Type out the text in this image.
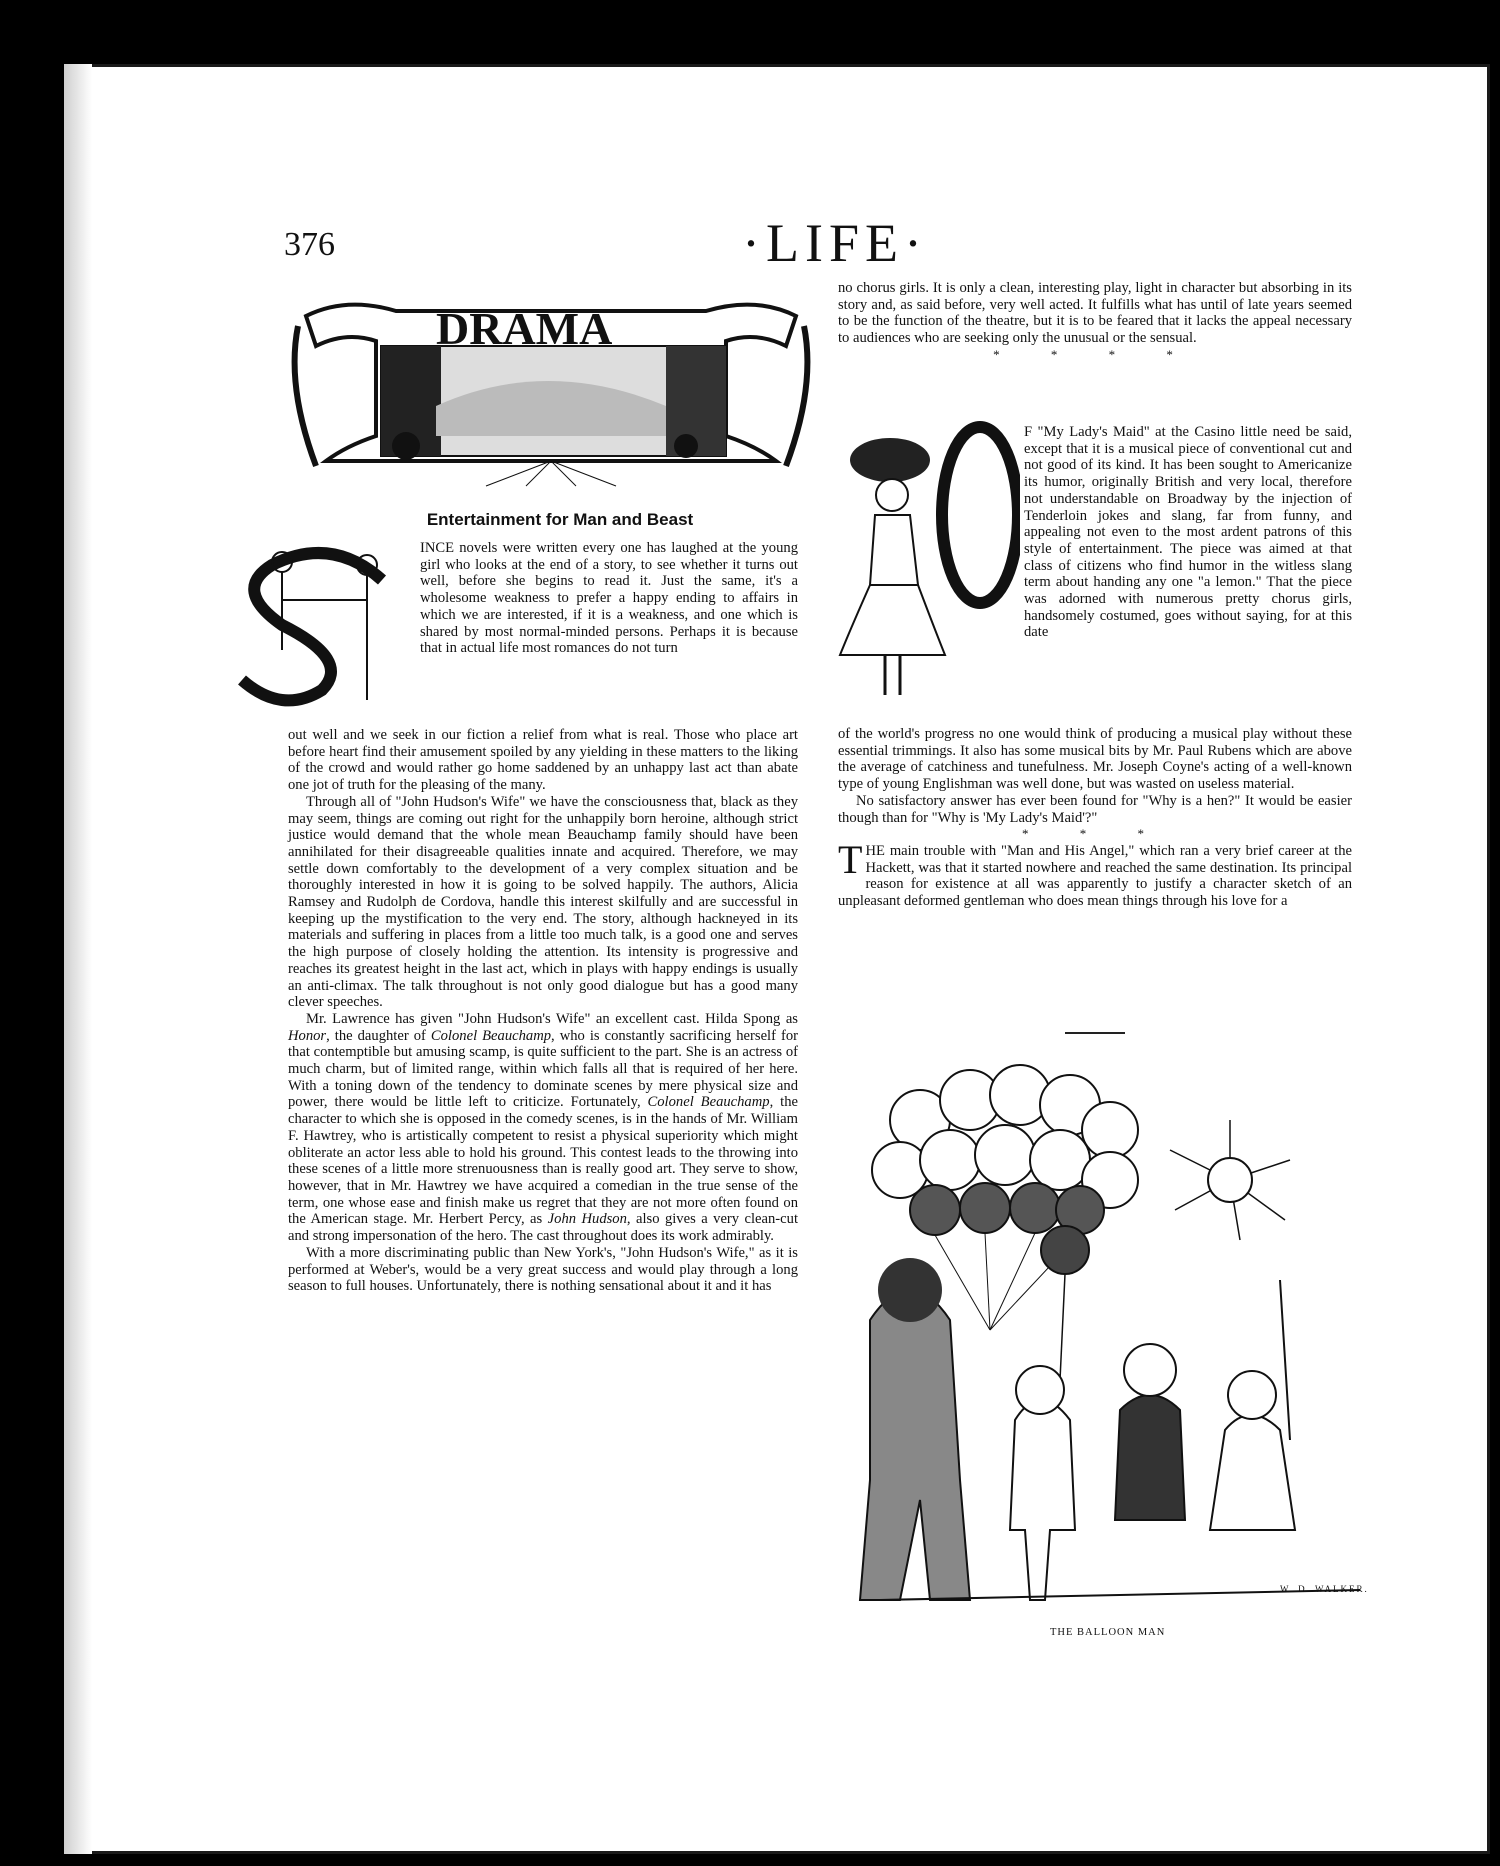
376	·LIFE·
DRAMA
Entertainment for Man and Beast
S	INCE novels were written every one has laughed at the young girl who looks at the end of a story, to see whether it turns out well, before she begins to read it. Just the same, it's a wholesome weakness to prefer a happy ending to affairs in which we are interested, if it is a weakness, and one which is shared by most normal-minded persons. Perhaps it is because that in actual life most romances do not turn

out well and we seek in our fiction a relief from what is real. Those who place art before heart find their amusement spoiled by any yielding in these matters to the liking of the crowd and would rather go home saddened by an unhappy last act than abate one jot of truth for the pleasing of the many.

Through all of "John Hudson's Wife" we have the consciousness that, black as they may seem, things are coming out right for the unhappily born heroine, although strict justice would demand that the whole mean Beauchamp family should have been annihilated for their disagreeable qualities innate and acquired. Therefore, we may settle down comfortably to the development of a very complex situation and be thoroughly interested in how it is going to be solved happily. The authors, Alicia Ramsey and Rudolph de Cordova, handle this interest skilfully and are successful in keeping up the mystification to the very end. The story, although hackneyed in its materials and suffering in places from a little too much talk, is a good one and serves the high purpose of closely holding the attention. Its intensity is progressive and reaches its greatest height in the last act, which in plays with happy endings is usually an anti-climax. The talk throughout is not only good dialogue but has a good many clever speeches.

Mr. Lawrence has given "John Hudson's Wife" an excellent cast. Hilda Spong as Honor, the daughter of Colonel Beauchamp, who is constantly sacrificing herself for that contemptible but amusing scamp, is quite sufficient to the part. She is an actress of much charm, but of limited range, within which falls all that is required of her here. With a toning down of the tendency to dominate scenes by mere physical size and power, there would be little left to criticize. Fortunately, Colonel Beauchamp, the character to which she is opposed in the comedy scenes, is in the hands of Mr. William F. Hawtrey, who is artistically competent to resist a physical superiority which might obliterate an actor less able to hold his ground. This contest leads to the throwing into these scenes of a little more strenuousness than is really good art. They serve to show, however, that in Mr. Hawtrey we have acquired a comedian in the true sense of the term, one whose ease and finish make us regret that they are not more often found on the American stage. Mr. Herbert Percy, as John Hudson, also gives a very clean-cut and strong impersonation of the hero. The cast throughout does its work admirably.

With a more discriminating public than New York's, "John Hudson's Wife," as it is performed at Weber's, would be a very great success and would play through a long season to full houses. Unfortunately, there is nothing sensational about it and it has

no chorus girls. It is only a clean, interesting play, light in character but absorbing in its story and, as said before, very well acted. It fulfills what has until of late years seemed to be the function of the theatre, but it is to be feared that it lacks the appeal necessary to audiences who are seeking only the unusual or the sensual.

* * * *

O

F "My Lady's Maid" at the Casino little need be said, except that it is a musical piece of conventional cut and not good of its kind. It has been sought to Americanize its humor, originally British and very local, therefore not understandable on Broadway by the injection of Tenderloin jokes and slang, far from funny, and appealing not even to the most ardent patrons of this style of entertainment. The piece was aimed at that class of citizens who find humor in the witless slang term about handing any one "a lemon." That the piece was adorned with numerous pretty chorus girls, handsomely costumed, goes without saying, for at this date

of the world's progress no one would think of producing a musical play without these essential trimmings. It also has some musical bits by Mr. Paul Rubens which are above the average of catchiness and tunefulness. Mr. Joseph Coyne's acting of a well-known type of young Englishman was well done, but was wasted on useless material.

No satisfactory answer has ever been found for "Why is a hen?" It would be easier though than for "Why is 'My Lady's Maid'?"

* * *

THE main trouble with "Man and His Angel," which ran a very brief career at the Hackett, was that it started nowhere and reached the same destination. Its principal reason for existence at all was apparently to justify a character sketch of an unpleasant deformed gentleman who does mean things through his love for a

W. D. WALKER.
THE BALLOON MAN
comicbooks.com
